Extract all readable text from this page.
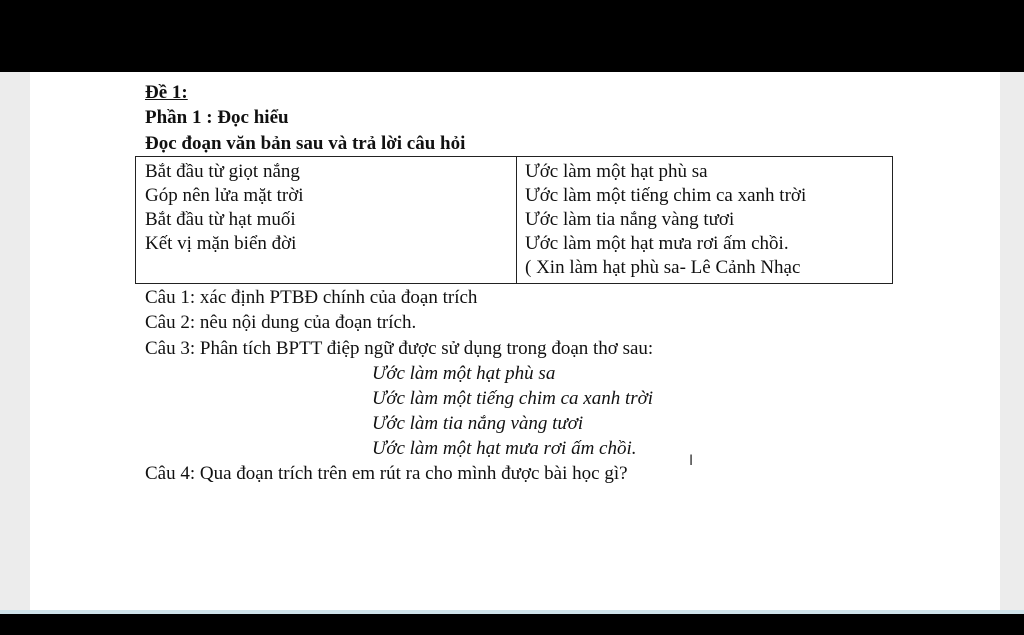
Đề 1:
Phần 1 : Đọc hiểu
Đọc đoạn văn bản sau và trả lời câu hỏi
Bắt đầu từ giọt nắng
Góp nên lửa mặt trời
Bắt đầu từ hạt muối
Kết vị mặn biển đời
Ước làm một hạt phù sa
Ước làm một tiếng chim ca xanh trời
Ước làm tia nắng vàng tươi
Ước làm một hạt mưa rơi ấm chồi.
( Xin làm hạt phù sa- Lê Cảnh Nhạc
Câu 1: xác định PTBĐ chính của đoạn trích
Câu 2: nêu nội dung của đoạn trích.
Câu 3: Phân tích BPTT điệp ngữ được sử dụng trong đoạn thơ sau:
Ước làm một hạt phù sa
Ước làm một tiếng chim ca xanh trời
Ước làm tia nắng vàng tươi
Ước làm một hạt mưa rơi ấm chồi.
Câu 4: Qua đoạn trích trên em rút ra cho mình được bài học gì?
I
